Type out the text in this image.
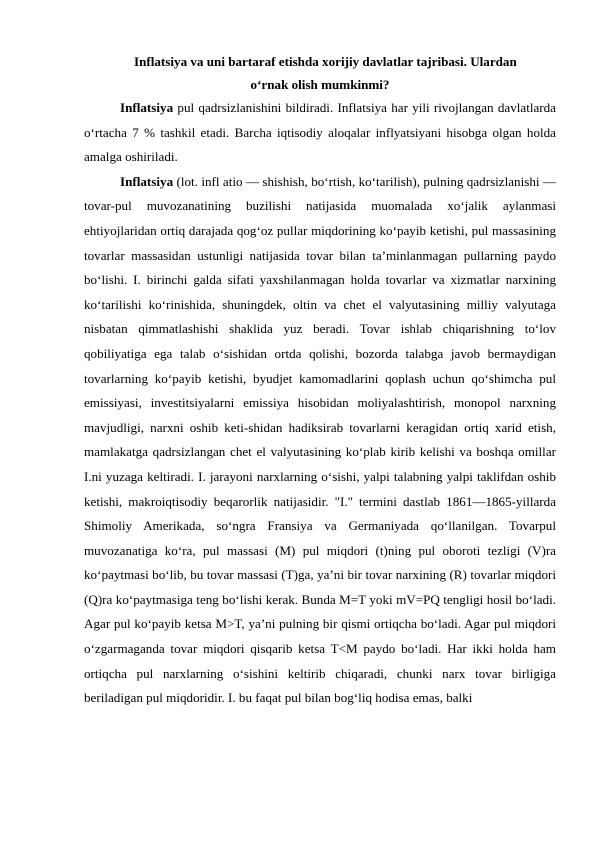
Inflatsiya va uni bartaraf etishda xorijiy davlatlar tajribasi. Ulardan
o‘rnak olish mumkinmi?

Inflatsiya pul qadrsizlanishini bildiradi. Inflatsiya har yili rivojlangan davlatlarda o‘rtacha 7 % tashkil etadi. Barcha iqtisodiy aloqalar inflyatsiyani hisobga olgan holda amalga oshiriladi.

Inflatsiya (lot. infl atio — shishish, bo‘rtish, ko‘tarilish), pulning qadrsizlanishi — tovar-pul muvozanatining buzilishi natijasida muomalada xo‘jalik aylanmasi ehtiyojlaridan ortiq darajada qog‘oz pullar miqdorining ko‘payib ketishi, pul massasining tovarlar massasidan ustunligi natijasida tovar bilan ta’minlanmagan pullarning paydo bo‘lishi. I. birinchi galda sifati yaxshilanmagan holda tovarlar va xizmatlar narxining ko‘tarilishi ko‘rinishida, shuningdek, oltin va chet el valyutasining milliy valyutaga nisbatan qimmatlashishi shaklida yuz beradi. Tovar ishlab chiqarishning to‘lov qobiliyatiga ega talab o‘sishidan ortda qolishi, bozorda talabga javob bermaydigan tovarlarning ko‘payib ketishi, byudjet kamomadlarini qoplash uchun qo‘shimcha pul emissiyasi, investitsiyalarni emissiya hisobidan moliyalashtirish, monopol narxning mavjudligi, narxni oshib keti-shidan hadiksirab tovarlarni keragidan ortiq xarid etish, mamlakatga qadrsizlangan chet el valyutasining ko‘plab kirib kelishi va boshqa omillar I.ni yuzaga keltiradi. I. jarayoni narxlarning o‘sishi, yalpi talabning yalpi taklifdan oshib ketishi, makroiqtisodiy beqarorlik natijasidir. "I." termini dastlab 1861—1865-yillarda Shimoliy Amerikada, so‘ngra Fransiya va Germaniyada qo‘llanilgan. Tovarpul muvozanatiga ko‘ra, pul massasi (M) pul miqdori (t)ning pul oboroti tezligi (V)ra ko‘paytmasi bo‘lib, bu tovar massasi (T)ga, ya’ni bir tovar narxining (R) tovarlar miqdori (Q)ra ko‘paytmasiga teng bo‘lishi kerak. Bunda M=T yoki mV=PQ tengligi hosil bo‘ladi. Agar pul ko‘payib ketsa M>T, ya’ni pulning bir qismi ortiqcha bo‘ladi. Agar pul miqdori o‘zgarmaganda tovar miqdori qisqarib ketsa T<M paydo bo‘ladi. Har ikki holda ham ortiqcha pul narxlarning o‘sishini keltirib chiqaradi, chunki narx tovar birligiga beriladigan pul miqdoridir. I. bu faqat pul bilan bog‘liq hodisa emas, balki
